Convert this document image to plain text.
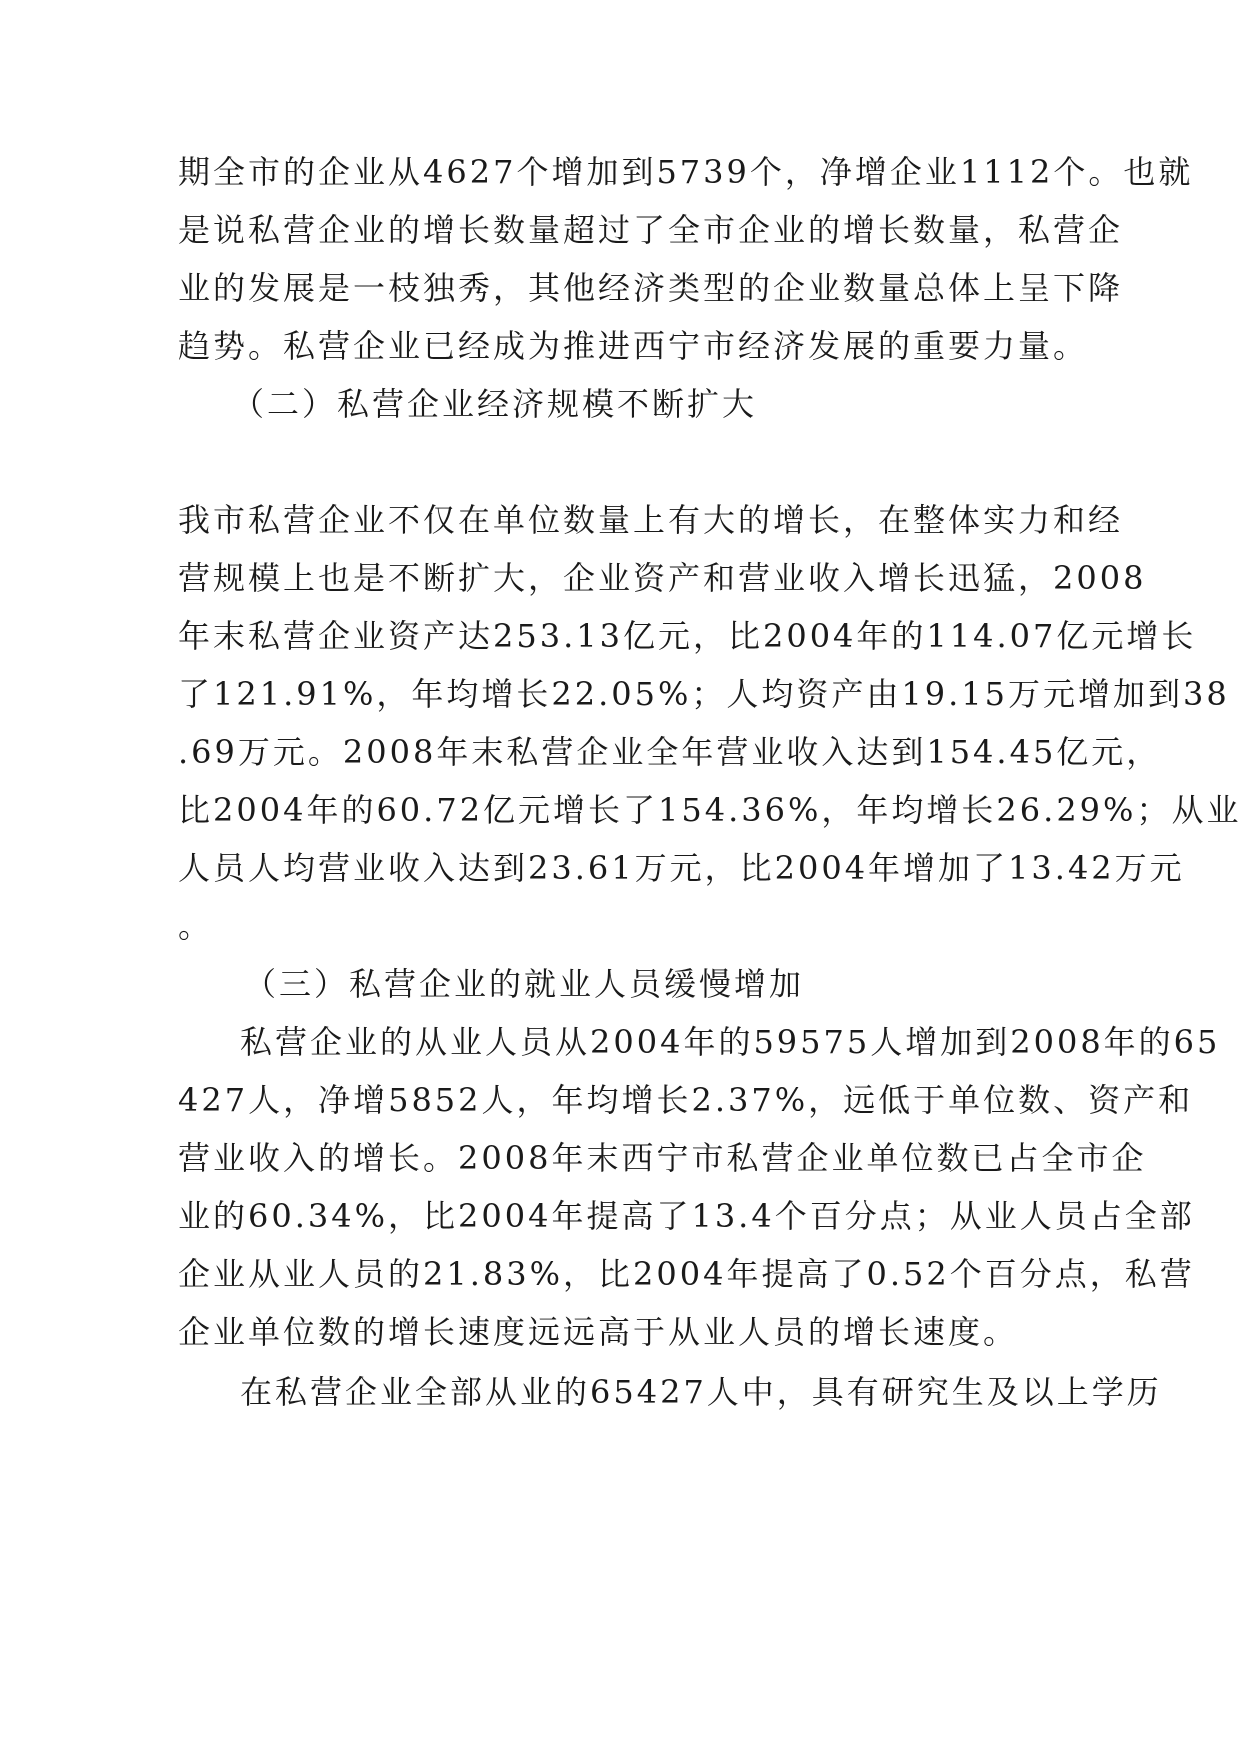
期全市的企业从4627个增加到5739个，净增企业1112个。也就
是说私营企业的增长数量超过了全市企业的增长数量，私营企
业的发展是一枝独秀，其他经济类型的企业数量总体上呈下降
趋势。私营企业已经成为推进西宁市经济发展的重要力量。
（二）私营企业经济规模不断扩大
我市私营企业不仅在单位数量上有大的增长，在整体实力和经
营规模上也是不断扩大，企业资产和营业收入增长迅猛，2008
年末私营企业资产达253.13亿元，比2004年的114.07亿元增长
了121.91%，年均增长22.05%；人均资产由19.15万元增加到38
.69万元。2008年末私营企业全年营业收入达到154.45亿元，
比2004年的60.72亿元增长了154.36%，年均增长26.29%；从业
人员人均营业收入达到23.61万元，比2004年增加了13.42万元
。
（三）私营企业的就业人员缓慢增加
私营企业的从业人员从2004年的59575人增加到2008年的65
427人，净增5852人，年均增长2.37%，远低于单位数、资产和
营业收入的增长。2008年末西宁市私营企业单位数已占全市企
业的60.34%，比2004年提高了13.4个百分点；从业人员占全部
企业从业人员的21.83%，比2004年提高了0.52个百分点，私营
企业单位数的增长速度远远高于从业人员的增长速度。
在私营企业全部从业的65427人中，具有研究生及以上学历
